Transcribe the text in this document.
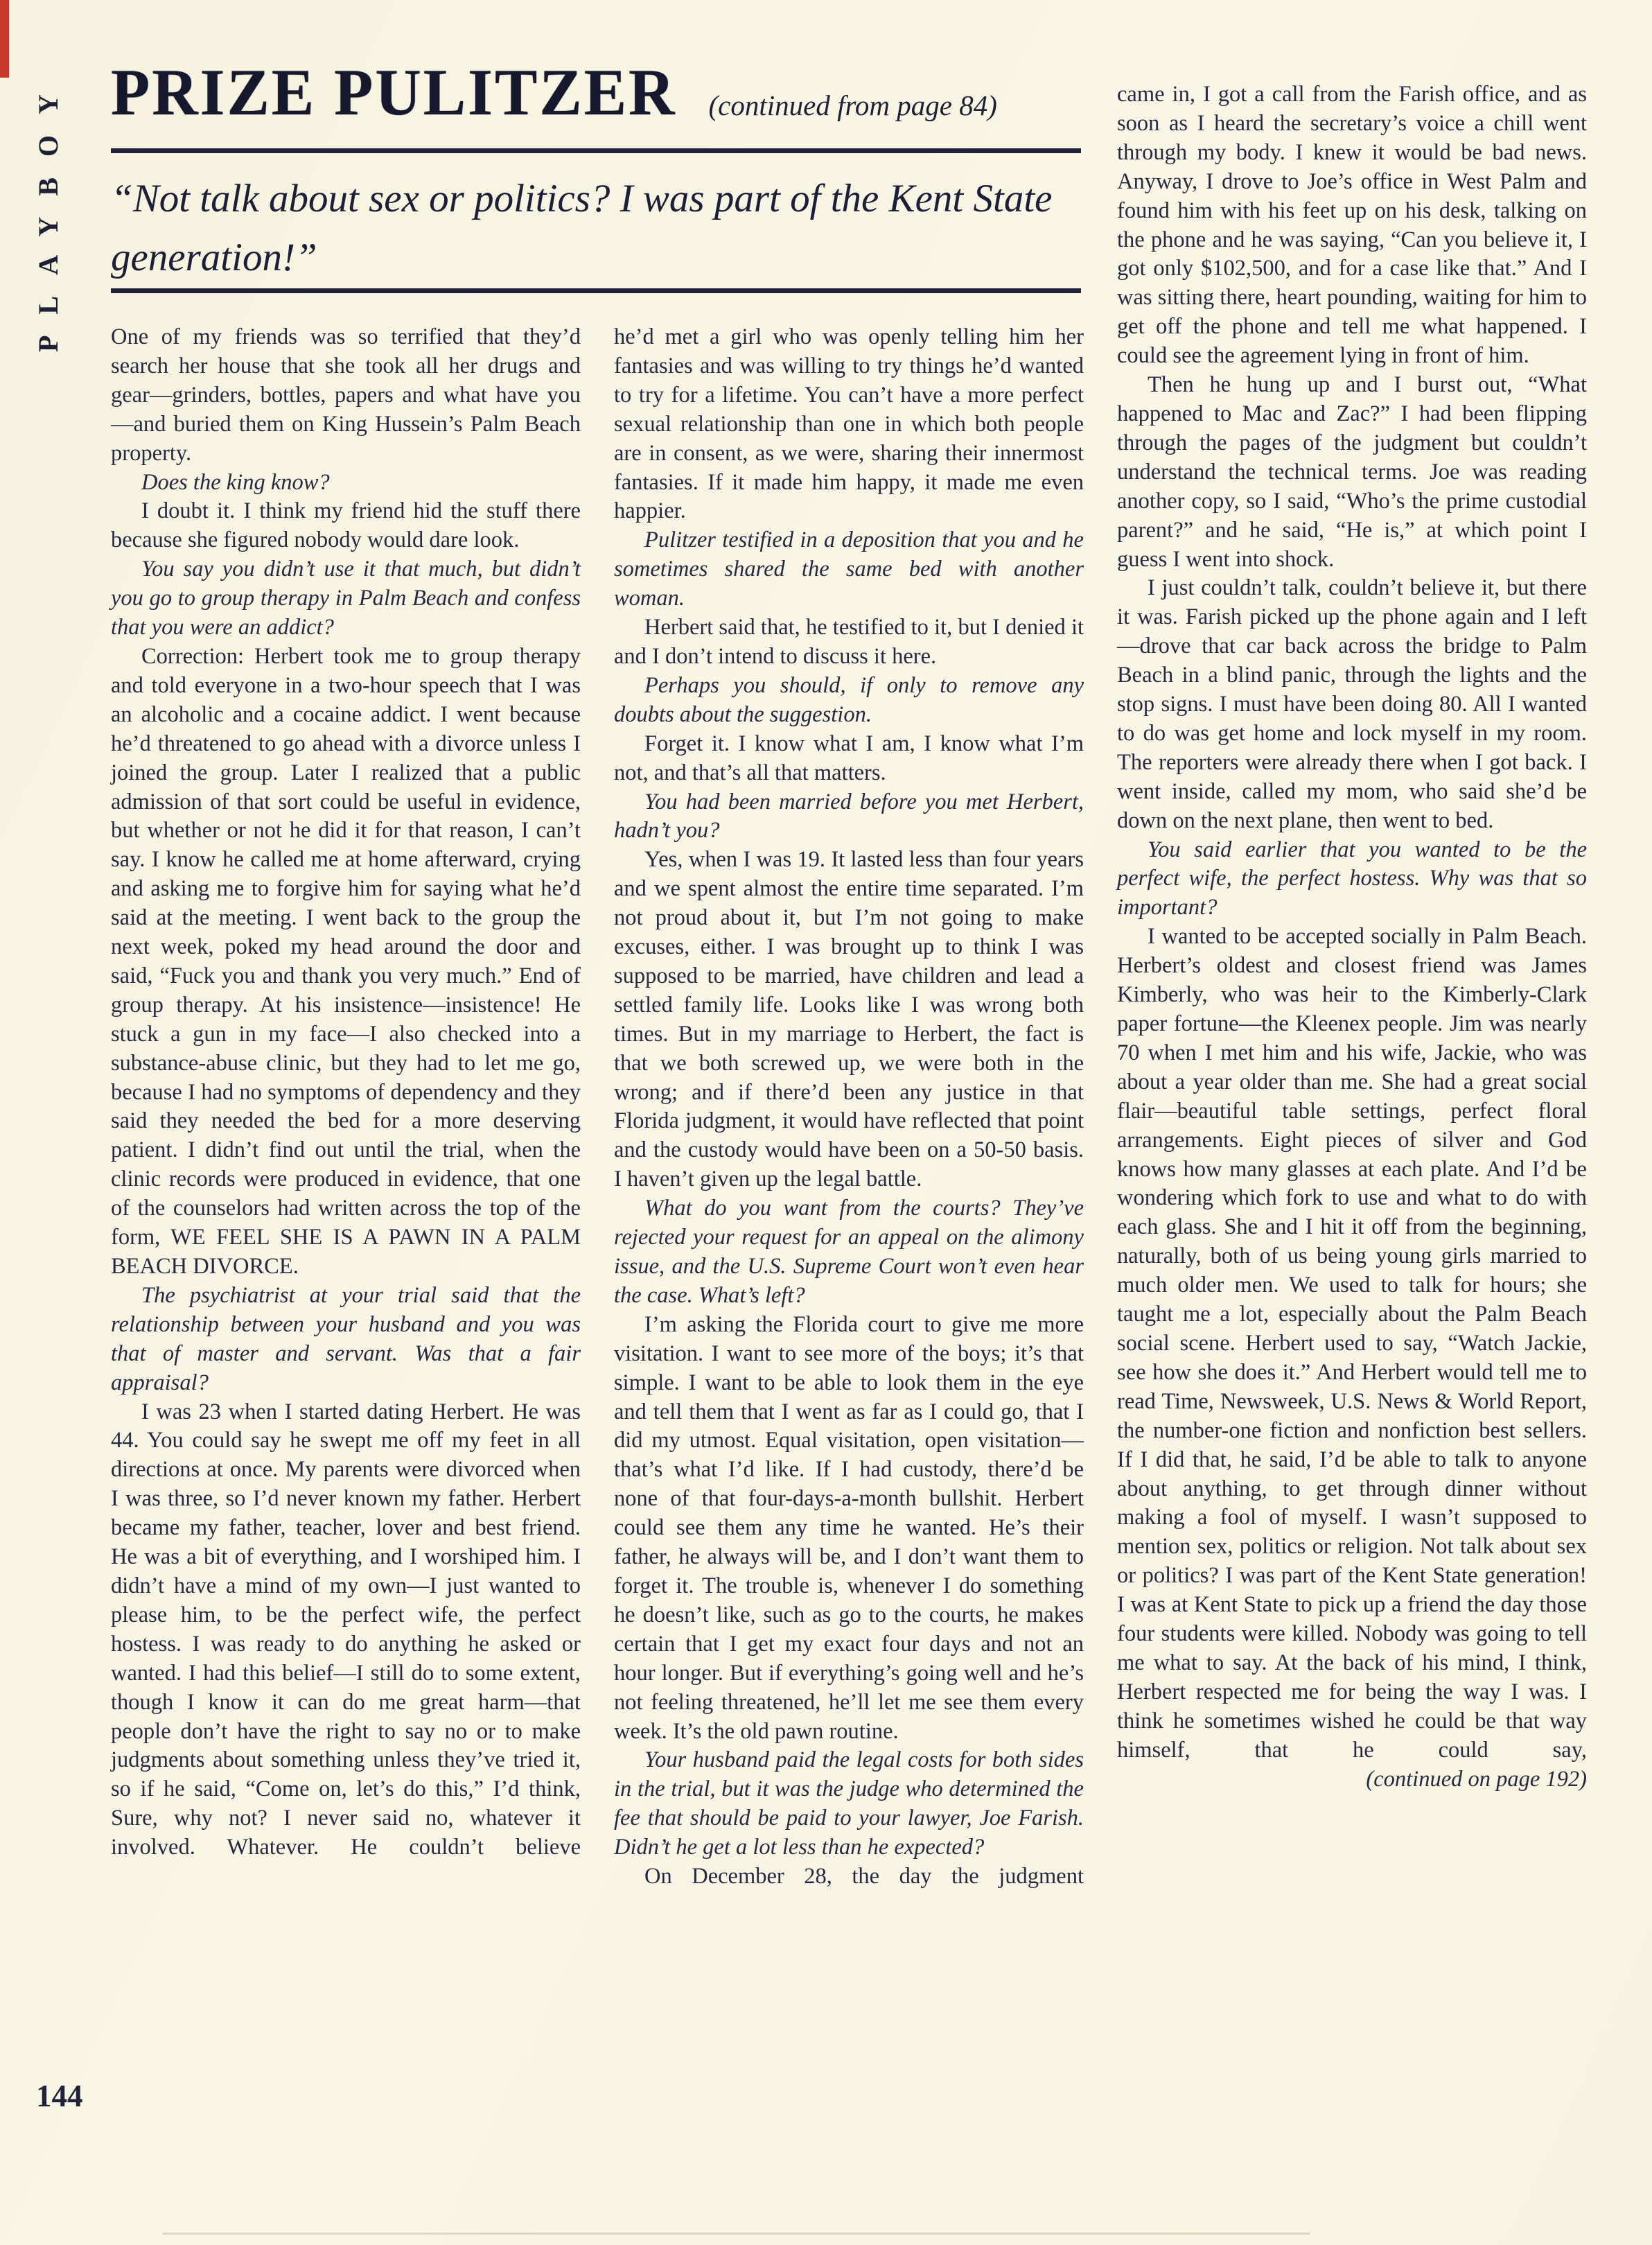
PLAYBOY PRIZE PULITZER (continued from page 84)
“Not talk about sex or politics? I was part of the Kent State generation!”

One of my friends was so terrified that they’d search her house that she took all her drugs and gear—grinders, bottles, papers and what have you—and buried them on King Hussein’s Palm Beach property.

Does the king know?

I doubt it. I think my friend hid the stuff there because she figured nobody would dare look.

You say you didn’t use it that much, but didn’t you go to group therapy in Palm Beach and confess that you were an addict?

Correction: Herbert took me to group therapy and told everyone in a two-hour speech that I was an alcoholic and a cocaine addict. I went because he’d threatened to go ahead with a divorce unless I joined the group. Later I realized that a public admission of that sort could be useful in evidence, but whether or not he did it for that reason, I can’t say. I know he called me at home afterward, crying and asking me to forgive him for saying what he’d said at the meeting. I went back to the group the next week, poked my head around the door and said, “Fuck you and thank you very much.” End of group therapy. At his insistence—insistence! He stuck a gun in my face—I also checked into a substance-abuse clinic, but they had to let me go, because I had no symptoms of dependency and they said they needed the bed for a more deserving patient. I didn’t find out until the trial, when the clinic records were produced in evidence, that one of the counselors had written across the top of the form, WE FEEL SHE IS A PAWN IN A PALM BEACH DIVORCE.

The psychiatrist at your trial said that the relationship between your husband and you was that of master and servant. Was that a fair appraisal?

I was 23 when I started dating Herbert. He was 44. You could say he swept me off my feet in all directions at once. My parents were divorced when I was three, so I’d never known my father. Herbert became my father, teacher, lover and best friend. He was a bit of everything, and I worshiped him. I didn’t have a mind of my own—I just wanted to please him, to be the perfect wife, the perfect hostess. I was ready to do anything he asked or wanted. I had this belief—I still do to some extent, though I know it can do me great harm—that people don’t have the right to say no or to make judgments about something unless they’ve tried it, so if he said, “Come on, let’s do this,” I’d think, Sure, why not? I never said no, whatever it involved. Whatever. He couldn’t believe

he’d met a girl who was openly telling him her fantasies and was willing to try things he’d wanted to try for a lifetime. You can’t have a more perfect sexual relationship than one in which both people are in consent, as we were, sharing their innermost fantasies. If it made him happy, it made me even happier.

Pulitzer testified in a deposition that you and he sometimes shared the same bed with another woman.

Herbert said that, he testified to it, but I denied it and I don’t intend to discuss it here.

Perhaps you should, if only to remove any doubts about the suggestion.

Forget it. I know what I am, I know what I’m not, and that’s all that matters.

You had been married before you met Herbert, hadn’t you?

Yes, when I was 19. It lasted less than four years and we spent almost the entire time separated. I’m not proud about it, but I’m not going to make excuses, either. I was brought up to think I was supposed to be married, have children and lead a settled family life. Looks like I was wrong both times. But in my marriage to Herbert, the fact is that we both screwed up, we were both in the wrong; and if there’d been any justice in that Florida judgment, it would have reflected that point and the custody would have been on a 50-50 basis. I haven’t given up the legal battle.

What do you want from the courts? They’ve rejected your request for an appeal on the alimony issue, and the U.S. Supreme Court won’t even hear the case. What’s left?

I’m asking the Florida court to give me more visitation. I want to see more of the boys; it’s that simple. I want to be able to look them in the eye and tell them that I went as far as I could go, that I did my utmost. Equal visitation, open visitation—that’s what I’d like. If I had custody, there’d be none of that four-days-a-month bullshit. Herbert could see them any time he wanted. He’s their father, he always will be, and I don’t want them to forget it. The trouble is, whenever I do something he doesn’t like, such as go to the courts, he makes certain that I get my exact four days and not an hour longer. But if everything’s going well and he’s not feeling threatened, he’ll let me see them every week. It’s the old pawn routine.

Your husband paid the legal costs for both sides in the trial, but it was the judge who determined the fee that should be paid to your lawyer, Joe Farish. Didn’t he get a lot less than he expected?

On December 28, the day the judgment

came in, I got a call from the Farish office, and as soon as I heard the secretary’s voice a chill went through my body. I knew it would be bad news. Anyway, I drove to Joe’s office in West Palm and found him with his feet up on his desk, talking on the phone and he was saying, “Can you believe it, I got only $102,500, and for a case like that.” And I was sitting there, heart pounding, waiting for him to get off the phone and tell me what happened. I could see the agreement lying in front of him.

Then he hung up and I burst out, “What happened to Mac and Zac?” I had been flipping through the pages of the judgment but couldn’t understand the technical terms. Joe was reading another copy, so I said, “Who’s the prime custodial parent?” and he said, “He is,” at which point I guess I went into shock.

I just couldn’t talk, couldn’t believe it, but there it was. Farish picked up the phone again and I left—drove that car back across the bridge to Palm Beach in a blind panic, through the lights and the stop signs. I must have been doing 80. All I wanted to do was get home and lock myself in my room. The reporters were already there when I got back. I went inside, called my mom, who said she’d be down on the next plane, then went to bed.

You said earlier that you wanted to be the perfect wife, the perfect hostess. Why was that so important?

I wanted to be accepted socially in Palm Beach. Herbert’s oldest and closest friend was James Kimberly, who was heir to the Kimberly-Clark paper fortune—the Kleenex people. Jim was nearly 70 when I met him and his wife, Jackie, who was about a year older than me. She had a great social flair—beautiful table settings, perfect floral arrangements. Eight pieces of silver and God knows how many glasses at each plate. And I’d be wondering which fork to use and what to do with each glass. She and I hit it off from the beginning, naturally, both of us being young girls married to much older men. We used to talk for hours; she taught me a lot, especially about the Palm Beach social scene. Herbert used to say, “Watch Jackie, see how she does it.” And Herbert would tell me to read Time, Newsweek, U.S. News & World Report, the number-one fiction and nonfiction best sellers. If I did that, he said, I’d be able to talk to anyone about anything, to get through dinner without making a fool of myself. I wasn’t supposed to mention sex, politics or religion. Not talk about sex or politics? I was part of the Kent State generation! I was at Kent State to pick up a friend the day those four students were killed. Nobody was going to tell me what to say. At the back of his mind, I think, Herbert respected me for being the way I was. I think he sometimes wished he could be that way himself, that he could say,

(continued on page 192)

144
